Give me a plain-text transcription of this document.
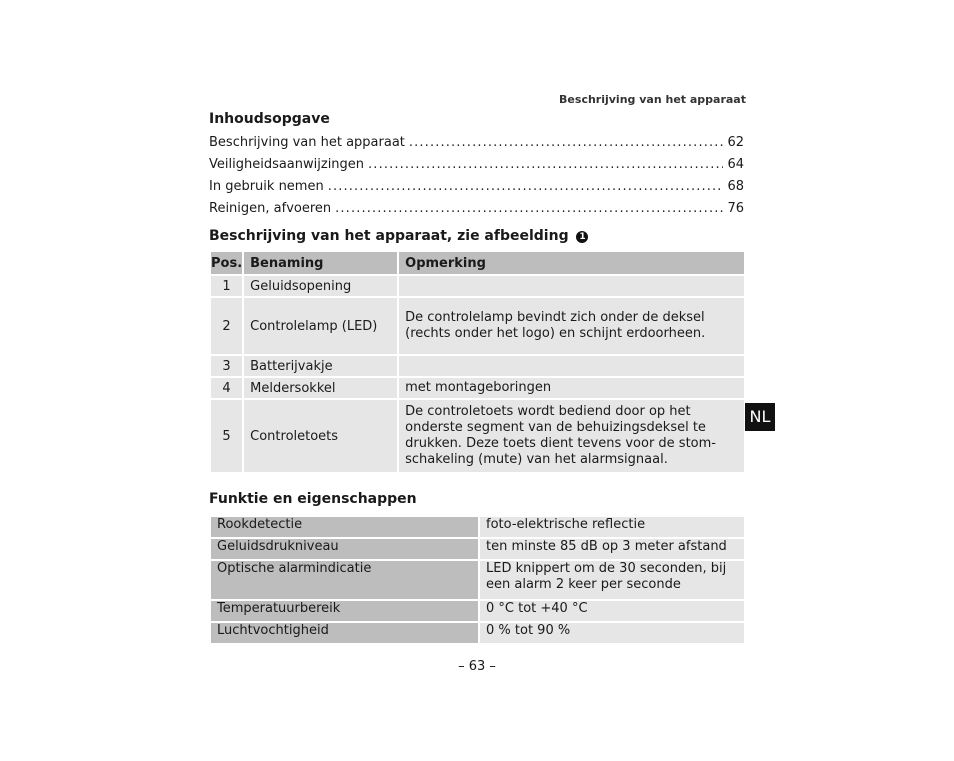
Beschrijving van het apparaat
Inhoudsopgave
Beschrijving van het apparaat . . .	62
Veiligheidsaanwijzingen . . .	64
In gebruik nemen . . .	68
Reinigen, afvoeren . . .	76
Beschrijving van het apparaat, zie afbeelding 1
Pos.	Benaming	Opmerking
1	Geluidsopening	
2	Controlelamp (LED)	De controlelamp bevindt zich onder de deksel (rechts onder het logo) en schijnt erdoorheen.
3	Batterijvakje	
4	Meldersokkel	met montageboringen
5	Controletoets	De controletoets wordt bediend door op het onderste segment van de behuizingsdeksel te drukken. Deze toets dient tevens voor de stom-schakeling (mute) van het alarmsignaal.
Funktie en eigenschappen
Rookdetectie	foto-elektrische reflectie
Geluidsdrukniveau	ten minste 85 dB op 3 meter afstand
Optische alarmindicatie	LED knippert om de 30 seconden, bij een alarm 2 keer per seconde
Temperatuurbereik	0 °C tot +40 °C
Luchtvochtigheid	0 % tot 90 %
NL
– 63 –
